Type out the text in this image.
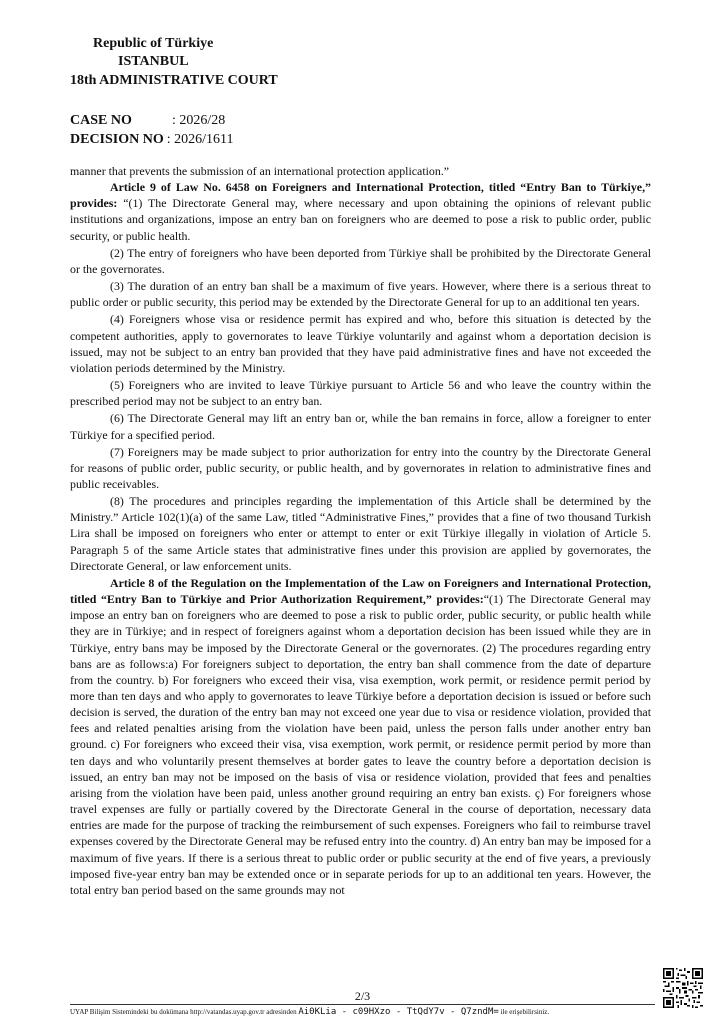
Republic of Türkiye
ISTANBUL
18th ADMINISTRATIVE COURT
CASE NO	: 2026/28
DECISION NO : 2026/1611

manner that prevents the submission of an international protection application.”

Article 9 of Law No. 6458 on Foreigners and International Protection, titled “Entry Ban to Türkiye,” provides: “(1) The Directorate General may, where necessary and upon obtaining the opinions of relevant public institutions and organizations, impose an entry ban on foreigners who are deemed to pose a risk to public order, public security, or public health.

(2) The entry of foreigners who have been deported from Türkiye shall be prohibited by the Directorate General or the governorates.

(3) The duration of an entry ban shall be a maximum of five years. However, where there is a serious threat to public order or public security, this period may be extended by the Directorate General for up to an additional ten years.

(4) Foreigners whose visa or residence permit has expired and who, before this situation is detected by the competent authorities, apply to governorates to leave Türkiye voluntarily and against whom a deportation decision is issued, may not be subject to an entry ban provided that they have paid administrative fines and have not exceeded the violation periods determined by the Ministry.

(5) Foreigners who are invited to leave Türkiye pursuant to Article 56 and who leave the country within the prescribed period may not be subject to an entry ban.

(6) The Directorate General may lift an entry ban or, while the ban remains in force, allow a foreigner to enter Türkiye for a specified period.

(7) Foreigners may be made subject to prior authorization for entry into the country by the Directorate General for reasons of public order, public security, or public health, and by governorates in relation to administrative fines and public receivables.

(8) The procedures and principles regarding the implementation of this Article shall be determined by the Ministry.” Article 102(1)(a) of the same Law, titled “Administrative Fines,” provides that a fine of two thousand Turkish Lira shall be imposed on foreigners who enter or attempt to enter or exit Türkiye illegally in violation of Article 5. Paragraph 5 of the same Article states that administrative fines under this provision are applied by governorates, the Directorate General, or law enforcement units.

Article 8 of the Regulation on the Implementation of the Law on Foreigners and International Protection, titled “Entry Ban to Türkiye and Prior Authorization Requirement,” provides:“(1) The Directorate General may impose an entry ban on foreigners who are deemed to pose a risk to public order, public security, or public health while they are in Türkiye; and in respect of foreigners against whom a deportation decision has been issued while they are in Türkiye, entry bans may be imposed by the Directorate General or the governorates. (2) The procedures regarding entry bans are as follows:a) For foreigners subject to deportation, the entry ban shall commence from the date of departure from the country. b) For foreigners who exceed their visa, visa exemption, work permit, or residence permit period by more than ten days and who apply to governorates to leave Türkiye before a deportation decision is issued or before such decision is served, the duration of the entry ban may not exceed one year due to visa or residence violation, provided that fees and related penalties arising from the violation have been paid, unless the person falls under another entry ban ground. c) For foreigners who exceed their visa, visa exemption, work permit, or residence permit period by more than ten days and who voluntarily present themselves at border gates to leave the country before a deportation decision is issued, an entry ban may not be imposed on the basis of visa or residence violation, provided that fees and penalties arising from the violation have been paid, unless another ground requiring an entry ban exists. ç) For foreigners whose travel expenses are fully or partially covered by the Directorate General in the course of deportation, necessary data entries are made for the purpose of tracking the reimbursement of such expenses. Foreigners who fail to reimburse travel expenses covered by the Directorate General may be refused entry into the country. d) An entry ban may be imposed for a maximum of five years. If there is a serious threat to public order or public security at the end of five years, a previously imposed five-year entry ban may be extended once or in separate periods for up to an additional ten years. However, the total entry ban period based on the same grounds may not

2/3
UYAP Bilişim Sistemindeki bu dokümana http://vatandas.uyap.gov.tr adresinden Ai0KLia - c09HXzo - TtQdY7v - Q7zndM= ile erişebilirsiniz.
